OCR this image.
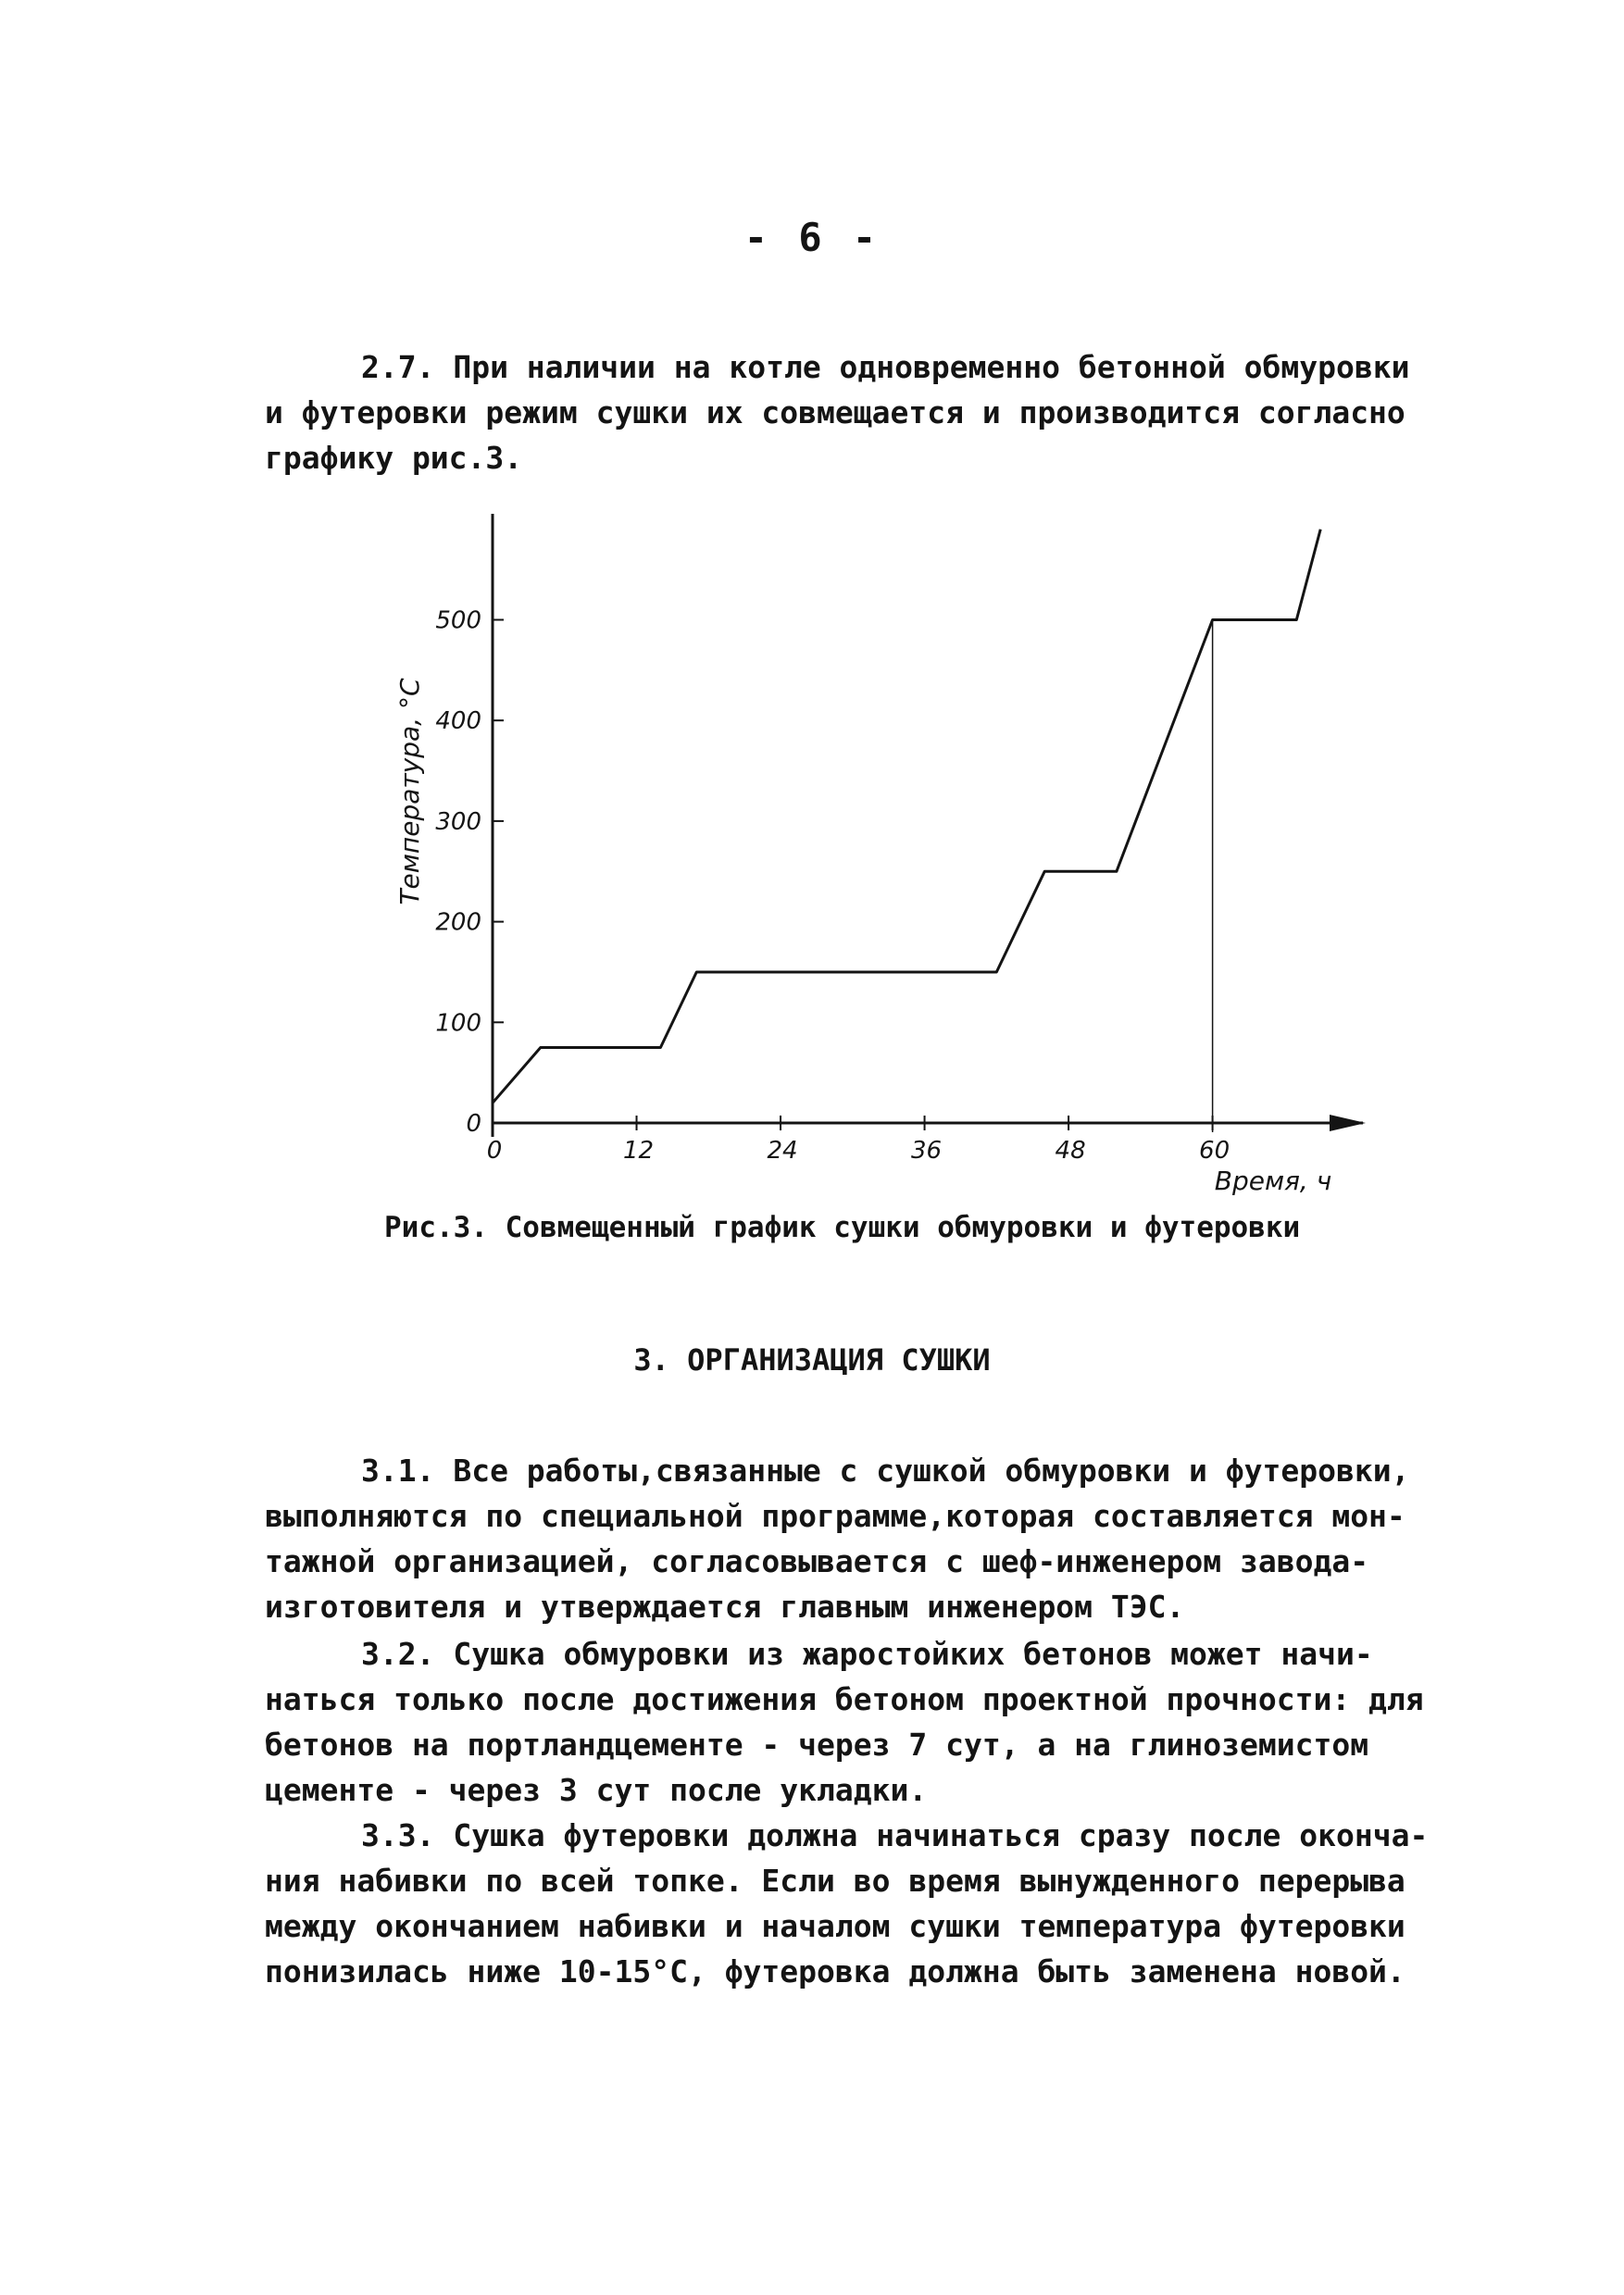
- 6 -
2.7. При наличии на котле одновременно бетонной обмуровки
и футеровки режим сушки их совмещается и производится согласно
графику рис.3.
0
100
200
300
400
500
0	12	24	36	48	60
Температура, °С
Время, ч
Рис.3. Совмещенный график сушки обмуровки и футеровки
3. ОРГАНИЗАЦИЯ СУШКИ
3.1. Все работы,связанные с сушкой обмуровки и футеровки,
выполняются по специальной программе,которая составляется мон-
тажной организацией, согласовывается с шеф-инженером завода-
изготовителя и утверждается главным инженером ТЭС.
3.2. Сушка обмуровки из жаростойких бетонов может начи-
наться только после достижения бетоном проектной прочности: для
бетонов на портландцементе - через 7 сут, а на глиноземистом
цементе - через 3 сут после укладки.
3.3. Сушка футеровки должна начинаться сразу после оконча-
ния набивки по всей топке. Если во время вынужденного перерыва
между окончанием набивки и началом сушки температура футеровки
понизилась ниже 10-15°С, футеровка должна быть заменена новой.
